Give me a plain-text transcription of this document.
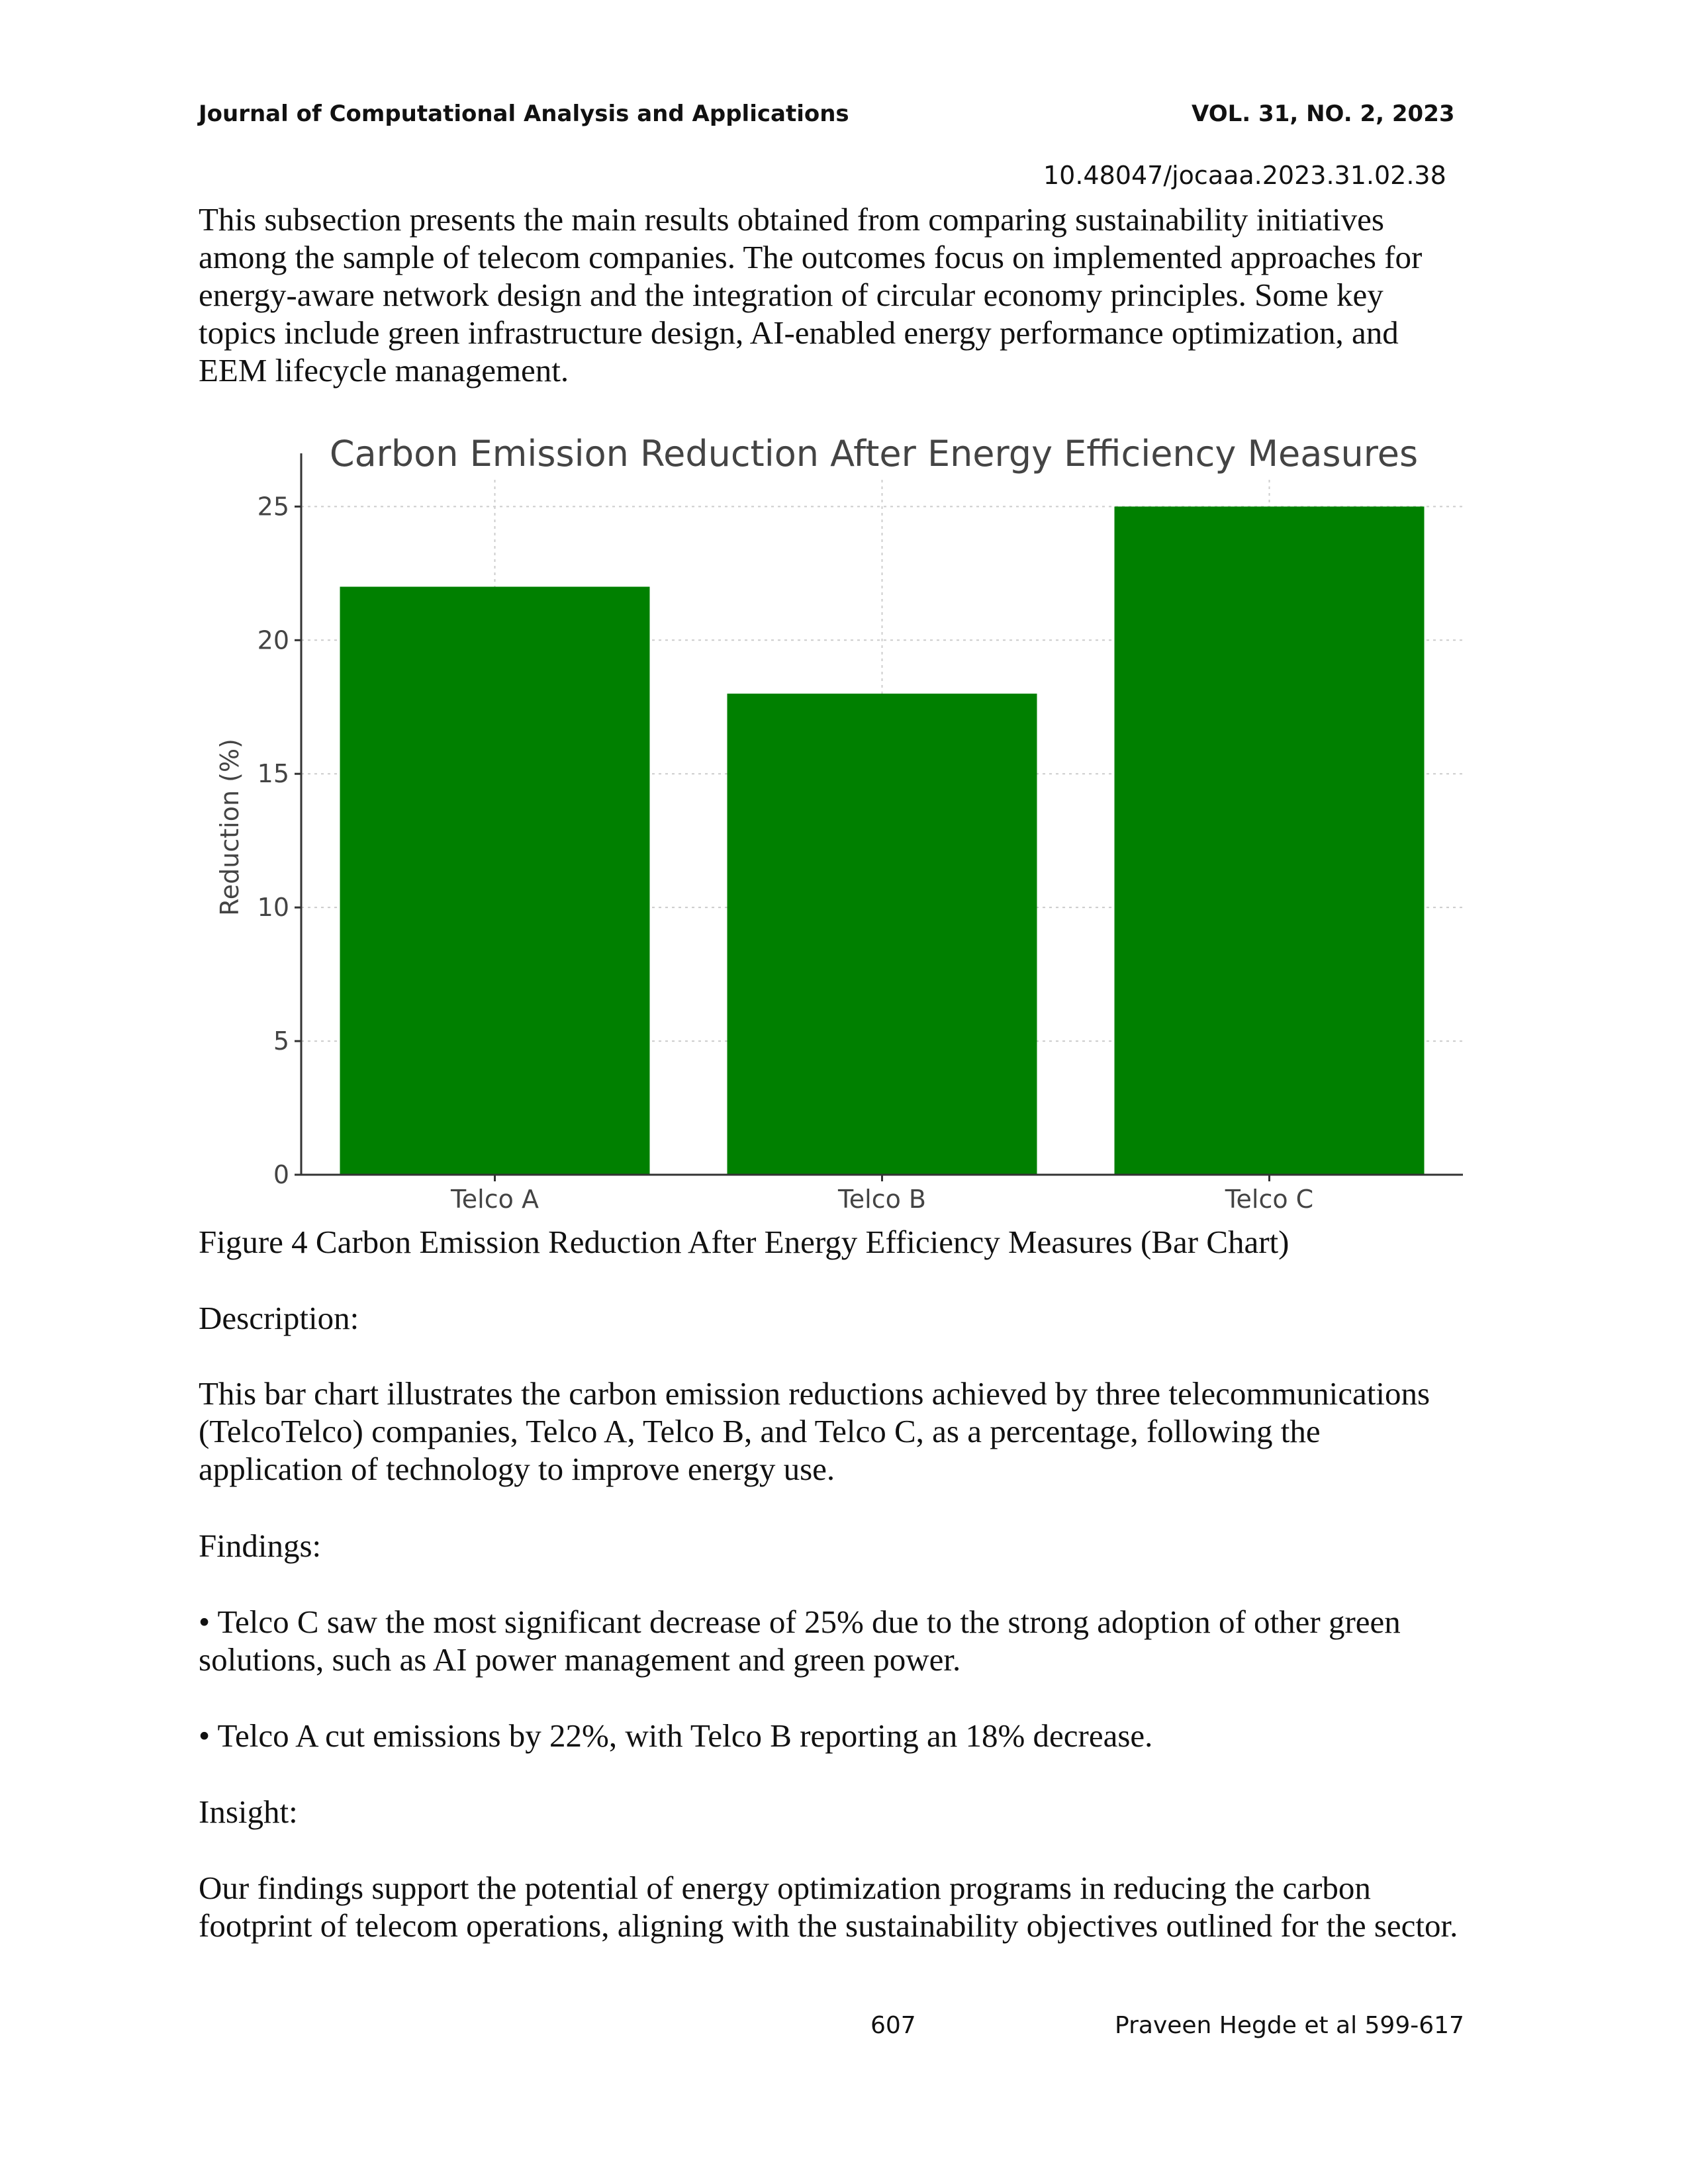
Journal of Computational Analysis and Applications	VOL. 31, NO. 2, 2023
10.48047/jocaaa.2023.31.02.38
This subsection presents the main results obtained from comparing sustainability initiatives
among the sample of telecom companies. The outcomes focus on implemented approaches for
energy-aware network design and the integration of circular economy principles. Some key
topics include green infrastructure design, AI-enabled energy performance optimization, and
EEM lifecycle management.
Carbon Emission Reduction After Energy Efficiency Measures
Reduction (%)
0
5
10
15
20
25
Telco A	Telco B	Telco C
Figure 4 Carbon Emission Reduction After Energy Efficiency Measures (Bar Chart)
Description:
This bar chart illustrates the carbon emission reductions achieved by three telecommunications
(TelcoTelco) companies, Telco A, Telco B, and Telco C, as a percentage, following the
application of technology to improve energy use.
Findings:
• Telco C saw the most significant decrease of 25% due to the strong adoption of other green
solutions, such as AI power management and green power.
• Telco A cut emissions by 22%, with Telco B reporting an 18% decrease.
Insight:
Our findings support the potential of energy optimization programs in reducing the carbon
footprint of telecom operations, aligning with the sustainability objectives outlined for the sector.
607	Praveen Hegde et al 599-617
